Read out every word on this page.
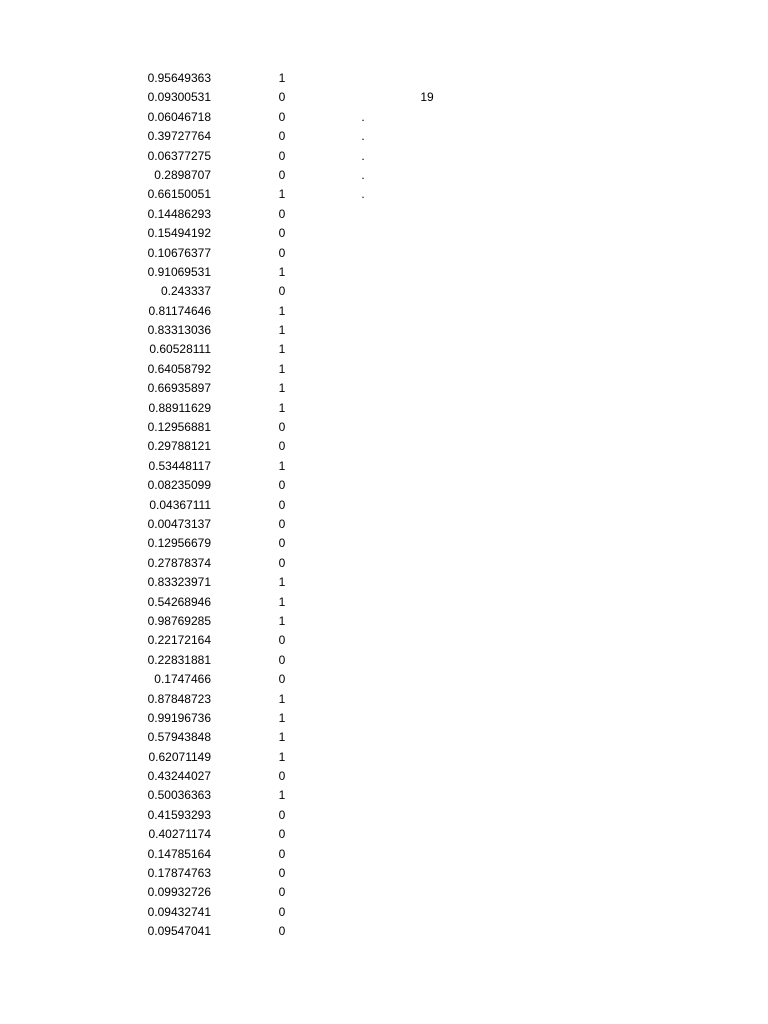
0.95649363	1
0.09300531	0	19
0.06046718	0	.
0.39727764	0	.
0.06377275	0	.
0.2898707	0	.
0.66150051	1	.
0.14486293	0
0.15494192	0
0.10676377	0
0.91069531	1
0.243337	0
0.81174646	1
0.83313036	1
0.60528111	1
0.64058792	1
0.66935897	1
0.88911629	1
0.12956881	0
0.29788121	0
0.53448117	1
0.08235099	0
0.04367111	0
0.00473137	0
0.12956679	0
0.27878374	0
0.83323971	1
0.54268946	1
0.98769285	1
0.22172164	0
0.22831881	0
0.1747466	0
0.87848723	1
0.99196736	1
0.57943848	1
0.62071149	1
0.43244027	0
0.50036363	1
0.41593293	0
0.40271174	0
0.14785164	0
0.17874763	0
0.09932726	0
0.09432741	0
0.09547041	0
